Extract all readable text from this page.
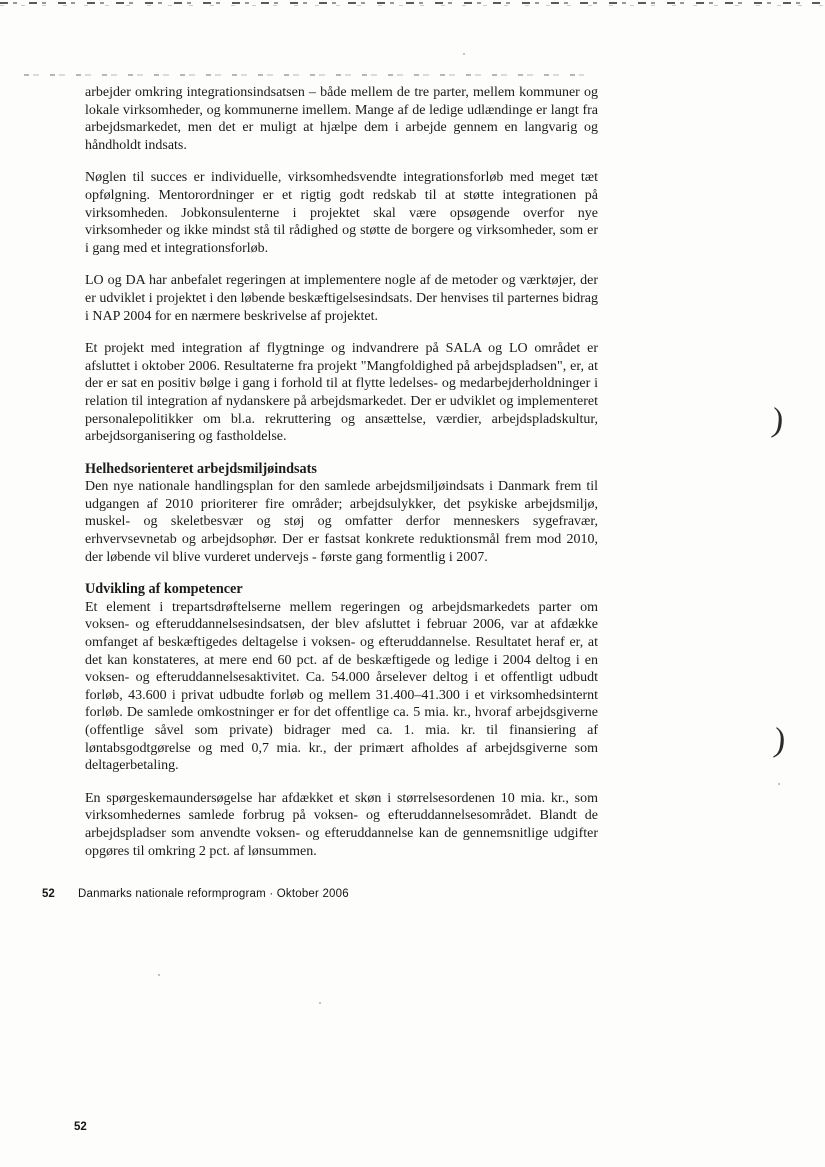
arbejder omkring integrationsindsatsen – både mellem de tre parter, mellem kommuner og lokale virksomheder, og kommunerne imellem. Mange af de ledige udlændinge er langt fra arbejdsmarkedet, men det er muligt at hjælpe dem i arbejde gennem en langvarig og håndholdt indsats.

Nøglen til succes er individuelle, virksomhedsvendte integrationsforløb med meget tæt opfølgning. Mentorordninger er et rigtig godt redskab til at støtte integrationen på virksomheden. Jobkonsulenterne i projektet skal være opsøgende overfor nye virksomheder og ikke mindst stå til rådighed og støtte de borgere og virksomheder, som er i gang med et integrationsforløb.

LO og DA har anbefalet regeringen at implementere nogle af de metoder og værktøjer, der er udviklet i projektet i den løbende beskæftigelsesindsats. Der henvises til parternes bidrag i NAP 2004 for en nærmere beskrivelse af projektet.

Et projekt med integration af flygtninge og indvandrere på SALA og LO området er afsluttet i oktober 2006. Resultaterne fra projekt "Mangfoldighed på arbejdspladsen", er, at der er sat en positiv bølge i gang i forhold til at flytte ledelses- og medarbejderholdninger i relation til integration af nydanskere på arbejdsmarkedet. Der er udviklet og implementeret personalepolitikker om bl.a. rekruttering og ansættelse, værdier, arbejdspladskultur, arbejdsorganisering og fastholdelse.

Helhedsorienteret arbejdsmiljøindsats

Den nye nationale handlingsplan for den samlede arbejdsmiljøindsats i Danmark frem til udgangen af 2010 prioriterer fire områder; arbejdsulykker, det psykiske arbejdsmiljø, muskel- og skeletbesvær og støj og omfatter derfor menneskers sygefravær, erhvervsevnetab og arbejdsophør. Der er fastsat konkrete reduktionsmål frem mod 2010, der løbende vil blive vurderet undervejs - første gang formentlig i 2007.

Udvikling af kompetencer

Et element i trepartsdrøftelserne mellem regeringen og arbejdsmarkedets parter om voksen- og efteruddannelsesindsatsen, der blev afsluttet i februar 2006, var at afdække omfanget af beskæftigedes deltagelse i voksen- og efteruddannelse. Resultatet heraf er, at det kan konstateres, at mere end 60 pct. af de beskæftigede og ledige i 2004 deltog i en voksen- og efteruddannelsesaktivitet. Ca. 54.000 årselever deltog i et offentligt udbudt forløb, 43.600 i privat udbudte forløb og mellem 31.400–41.300 i et virksomhedsinternt forløb. De samlede omkostninger er for det offentlige ca. 5 mia. kr., hvoraf arbejdsgiverne (offentlige såvel som private) bidrager med ca. 1. mia. kr. til finansiering af løntabsgodtgørelse og med 0,7 mia. kr., der primært afholdes af arbejdsgiverne som deltagerbetaling.

En spørgeskemaundersøgelse har afdækket et skøn i størrelsesordenen 10 mia. kr., som virksomhedernes samlede forbrug på voksen- og efteruddannelsesområdet. Blandt de arbejdspladser som anvendte voksen- og efteruddannelse kan de gennemsnitlige udgifter opgøres til omkring 2 pct. af lønsummen.

)
)
52 Danmarks nationale reformprogram · Oktober 2006
52
